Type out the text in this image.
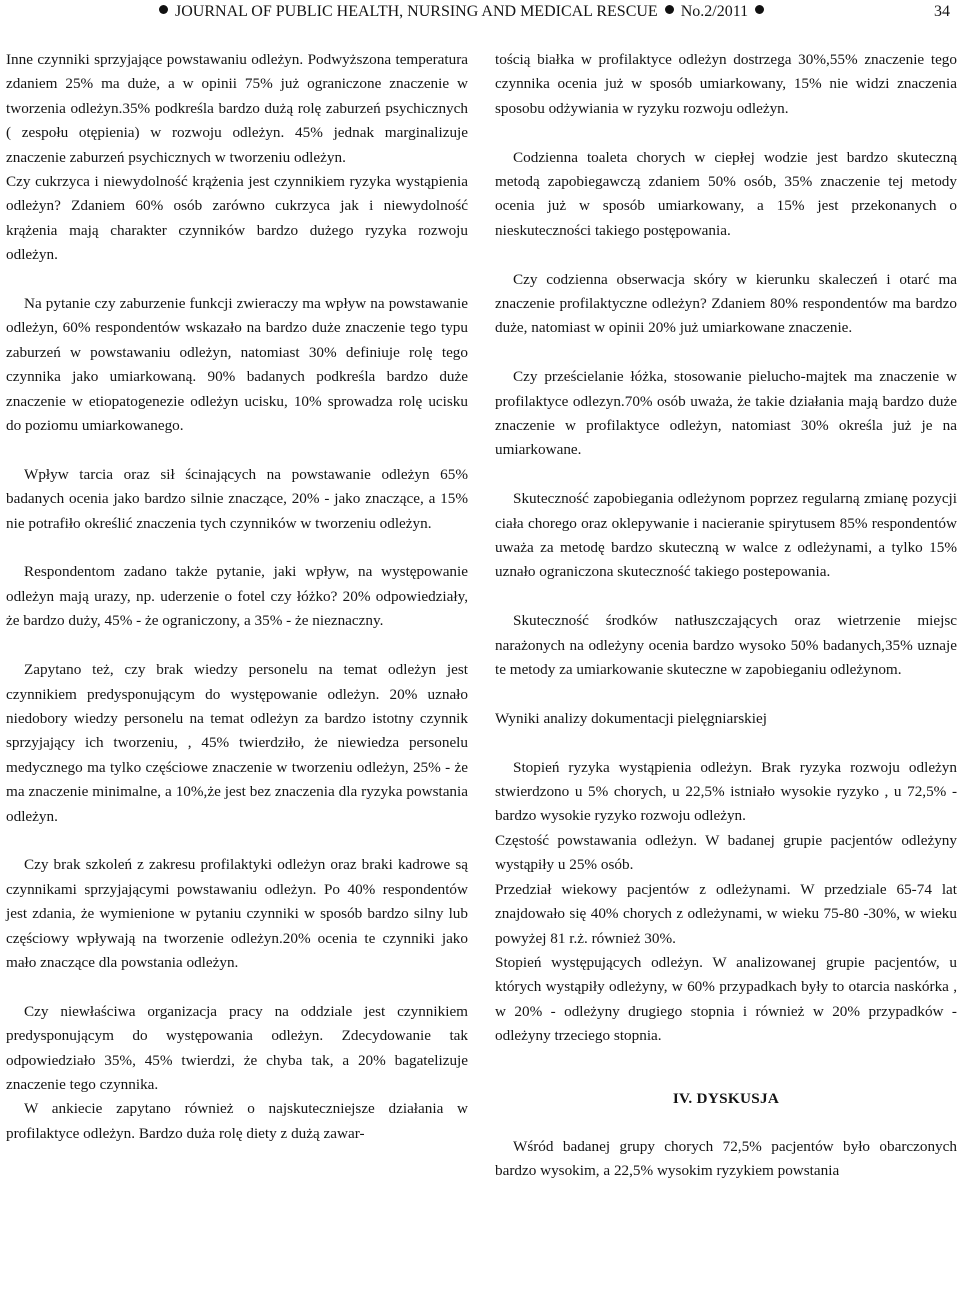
JOURNAL OF PUBLIC HEALTH, NURSING AND MEDICAL RESCUE No.2/2011	34

Inne czynniki sprzyjające powstawaniu odleżyn. Podwyższona temperatura zdaniem 25% ma duże, a w opinii 75% już ograniczone znaczenie w tworzenia odleżyn.35% podkreśla bardzo dużą rolę zaburzeń psychicznych ( zespołu otępienia) w rozwoju odleżyn. 45% jednak marginalizuje znaczenie zaburzeń psychicznych w tworzeniu odleżyn.

Czy cukrzyca i niewydolność krążenia jest czynnikiem ryzyka wystąpienia odleżyn? Zdaniem 60% osób zarówno cukrzyca jak i niewydolność krążenia mają charakter czynników bardzo dużego ryzyka rozwoju odleżyn.

Na pytanie czy zaburzenie funkcji zwieraczy ma wpływ na powstawanie odleżyn, 60% respondentów wskazało na bardzo duże znaczenie tego typu zaburzeń w powstawaniu odleżyn, natomiast 30% definiuje rolę tego czynnika jako umiarkowaną. 90% badanych podkreśla bardzo duże znaczenie w etiopatogenezie odleżyn ucisku, 10% sprowadza rolę ucisku do poziomu umiarkowanego.

Wpływ tarcia oraz sił ścinających na powstawanie odleżyn 65% badanych ocenia jako bardzo silnie znaczące, 20% - jako znaczące, a 15% nie potrafiło określić znaczenia tych czynników w tworzeniu odleżyn.

Respondentom zadano także pytanie, jaki wpływ, na występowanie odleżyn mają urazy, np. uderzenie o fotel czy łóżko? 20% odpowiedziały, że bardzo duży, 45% - że ograniczony, a 35% - że nieznaczny.

Zapytano też, czy brak wiedzy personelu na temat odleżyn jest czynnikiem predysponującym do występowanie odleżyn. 20% uznało niedobory wiedzy personelu na temat odleżyn za bardzo istotny czynnik sprzyjający ich tworzeniu, , 45% twierdziło, że niewiedza personelu medycznego ma tylko częściowe znaczenie w tworzeniu odleżyn, 25% - że ma znaczenie minimalne, a 10%,że jest bez znaczenia dla ryzyka powstania odleżyn.

Czy brak szkoleń z zakresu profilaktyki odleżyn oraz braki kadrowe są czynnikami sprzyjającymi powstawaniu odleżyn. Po 40% respondentów jest zdania, że wymienione w pytaniu czynniki w sposób bardzo silny lub częściowy wpływają na tworzenie odleżyn.20% ocenia te czynniki jako mało znaczące dla powstania odleżyn.

Czy niewłaściwa organizacja pracy na oddziale jest czynnikiem predysponującym do występowania odleżyn. Zdecydowanie tak odpowiedziało 35%, 45% twierdzi, że chyba tak, a 20% bagatelizuje znaczenie tego czynnika.

W ankiecie zapytano również o najskuteczniejsze działania w profilaktyce odleżyn. Bardzo duża rolę diety z dużą zawar-

tością białka w profilaktyce odleżyn dostrzega 30%,55% znaczenie tego czynnika ocenia już w sposób umiarkowany, 15% nie widzi znaczenia sposobu odżywiania w ryzyku rozwoju odleżyn.

Codzienna toaleta chorych w ciepłej wodzie jest bardzo skuteczną metodą zapobiegawczą zdaniem 50% osób, 35% znaczenie tej metody ocenia już w sposób umiarkowany, a 15% jest przekonanych o nieskuteczności takiego postępowania.

Czy codzienna obserwacja skóry w kierunku skaleczeń i otarć ma znaczenie profilaktyczne odleżyn? Zdaniem 80% respondentów ma bardzo duże, natomiast w opinii 20% już umiarkowane znaczenie.

Czy prześcielanie łóżka, stosowanie pielucho-majtek ma znaczenie w profilaktyce odlezyn.70% osób uważa, że takie działania mają bardzo duże znaczenie w profilaktyce odleżyn, natomiast 30% określa już je na umiarkowane.

Skuteczność zapobiegania odleżynom poprzez regularną zmianę pozycji ciała chorego oraz oklepywanie i nacieranie spirytusem 85% respondentów uważa za metodę bardzo skuteczną w walce z odleżynami, a tylko 15% uznało ograniczona skuteczność takiego postepowania.

Skuteczność środków natłuszczających oraz wietrzenie miejsc narażonych na odleżyny ocenia bardzo wysoko 50% badanych,35% uznaje te metody za umiarkowanie skuteczne w zapobieganiu odleżynom.

Wyniki analizy dokumentacji pielęgniarskiej

Stopień ryzyka wystąpienia odleżyn. Brak ryzyka rozwoju odleżyn stwierdzono u 5% chorych, u 22,5% istniało wysokie ryzyko , u 72,5% - bardzo wysokie ryzyko rozwoju odleżyn.

Częstość powstawania odleżyn. W badanej grupie pacjentów odleżyny wystąpiły u 25% osób.

Przedział wiekowy pacjentów z odleżynami. W przedziale 65-74 lat znajdowało się 40% chorych z odleżynami, w wieku 75-80 -30%, w wieku powyżej 81 r.ż. również 30%.

Stopień występujących odleżyn. W analizowanej grupie pacjentów, u których wystąpiły odleżyny, w 60% przypadkach były to otarcia naskórka , w 20% - odleżyny drugiego stopnia i również w 20% przypadków - odleżyny trzeciego stopnia.

IV. DYSKUSJA

Wśród badanej grupy chorych 72,5% pacjentów było obarczonych bardzo wysokim, a 22,5% wysokim ryzykiem powstania
